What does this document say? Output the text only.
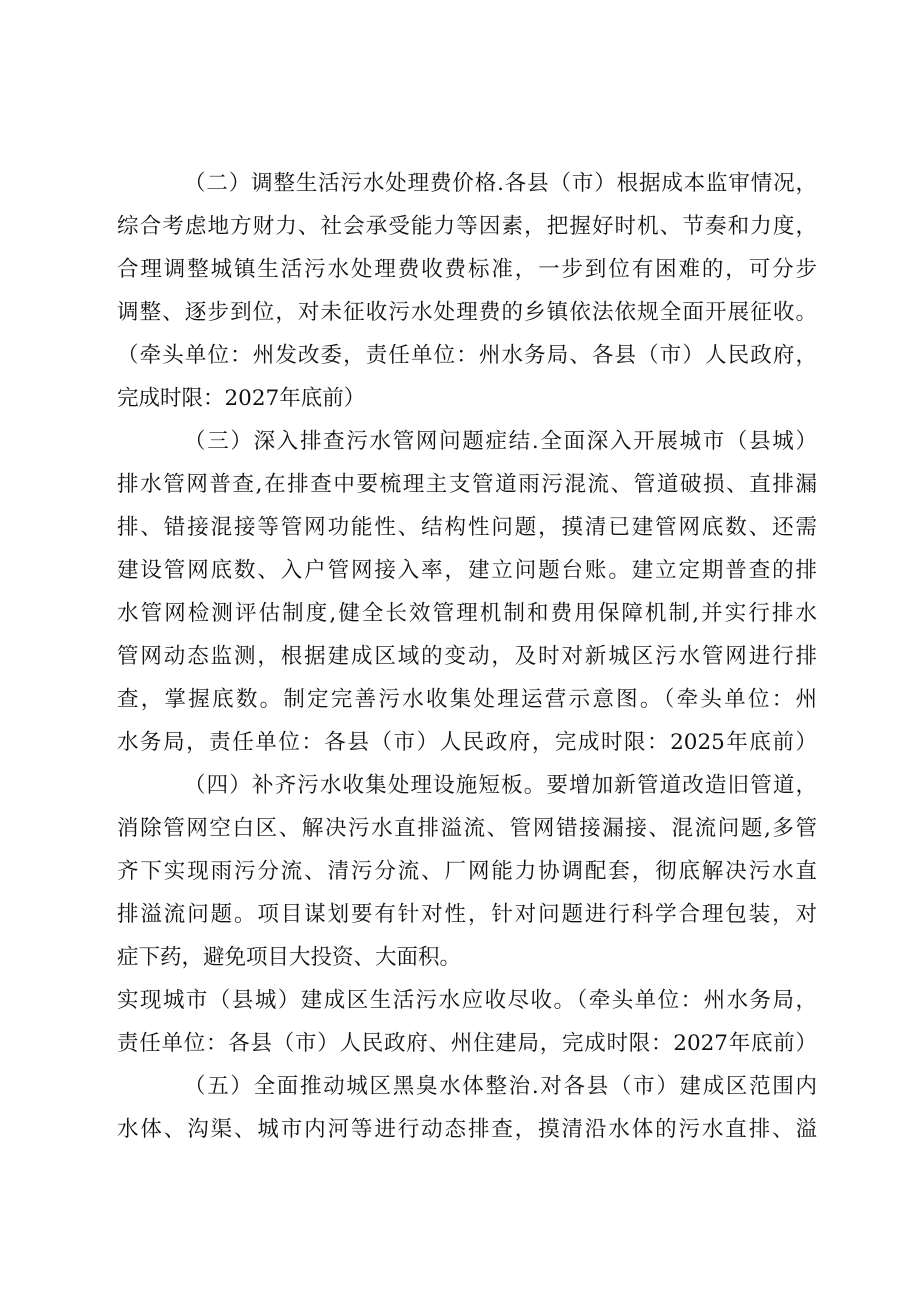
（二）调整生活污水处理费价格.各县（市）根据成本监审情况，
综合考虑地方财力、社会承受能力等因素，把握好时机、节奏和力度，
合理调整城镇生活污水处理费收费标准，一步到位有困难的，可分步
调整、逐步到位，对未征收污水处理费的乡镇依法依规全面开展征收。
（牵头单位：州发改委，责任单位：州水务局、各县（市）人民政府，
完成时限：2027年底前）
（三）深入排查污水管网问题症结.全面深入开展城市（县城）
排水管网普查,在排查中要梳理主支管道雨污混流、管道破损、直排漏
排、错接混接等管网功能性、结构性问题，摸清已建管网底数、还需
建设管网底数、入户管网接入率，建立问题台账。建立定期普查的排
水管网检测评估制度,健全长效管理机制和费用保障机制,并实行排水
管网动态监测，根据建成区域的变动，及时对新城区污水管网进行排
查，掌握底数。制定完善污水收集处理运营示意图。（牵头单位：州
水务局，责任单位：各县（市）人民政府，完成时限：2025年底前）
（四）补齐污水收集处理设施短板。要增加新管道改造旧管道，
消除管网空白区、解决污水直排溢流、管网错接漏接、混流问题,多管
齐下实现雨污分流、清污分流、厂网能力协调配套，彻底解决污水直
排溢流问题。项目谋划要有针对性，针对问题进行科学合理包装，对
症下药，避免项目大投资、大面积。
实现城市（县城）建成区生活污水应收尽收。（牵头单位：州水务局，
责任单位：各县（市）人民政府、州住建局，完成时限：2027年底前）
（五）全面推动城区黑臭水体整治.对各县（市）建成区范围内
水体、沟渠、城市内河等进行动态排查，摸清沿水体的污水直排、溢
